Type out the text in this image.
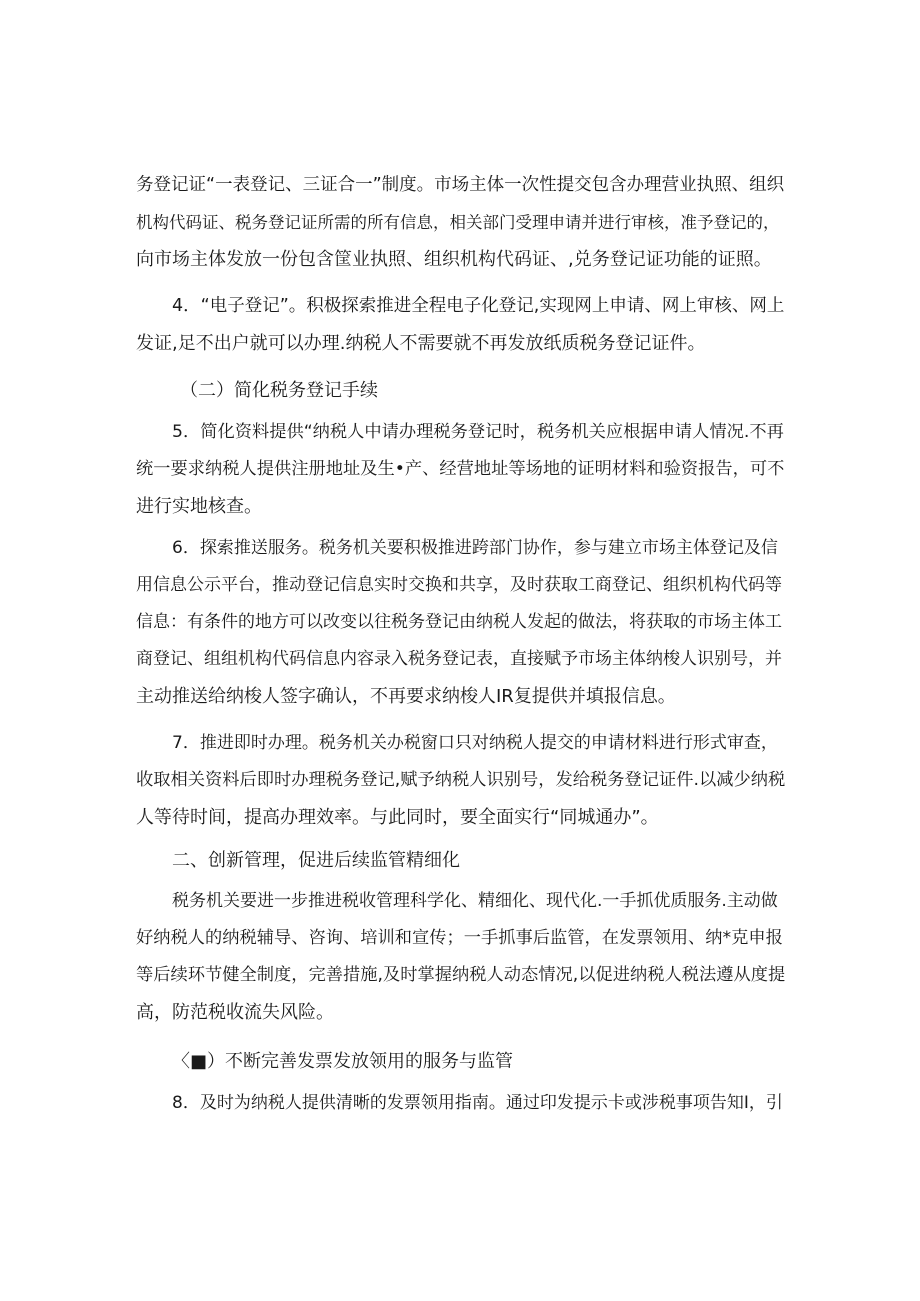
务登记证“一表登记、三证合一”制度。市场主体一次性提交包含办理营业执照、组织
机构代码证、税务登记证所需的所有信息，相关部门受理申请并进行审核，准予登记的，
向市场主体发放一份包含筐业执照、组织机构代码证、,兑务登记证功能的证照。

4．“电子登记”。积极探索推进全程电子化登记,实现网上申请、网上审核、网上
发证,足不出户就可以办理.纳税人不需要就不再发放纸质税务登记证件。

（二）简化税务登记手续

5．简化资料提供“纳税人中请办理税务登记时，税务机关应根据申请人情况.不再
统一要求纳税人提供注册地址及生•产、经营地址等场地的证明材料和验资报告，可不
进行实地核查。

6．探索推送服务。税务机关要积极推进跨部门协作，参与建立市场主体登记及信
用信息公示平台，推动登记信息实时交换和共享，及时获取工商登记、组织机构代码等
信息：有条件的地方可以改变以往税务登记由纳税人发起的做法，将获取的市场主体工
商登记、组组机构代码信息内容录入税务登记表，直接赋予市场主体纳梭人识别号，并
主动推送给纳梭人签字确认，不再要求纳梭人IR复提供并填报信息。

7．推进即时办理。税务机关办税窗口只对纳税人提交的申请材料进行形式审查，
收取相关资料后即时办理税务登记,赋予纳税人识别号，发给税务登记证件.以减少纳税
人等待时间，提高办理效率。与此同时，要全面实行“同城通办”。

二、创新管理，促进后续监管精细化

税务机关要进一步推进税收管理科学化、精细化、现代化.一手抓优质服务.主动做
好纳税人的纳税辅导、咨询、培训和宣传；一手抓事后监管，在发票领用、纳*克申报
等后续环节健全制度，完善措施,及时掌握纳税人动态情况,以促进纳税人税法遵从度提
高，防范税收流失风险。

〈■）不断完善发票发放领用的服务与监管

8．及时为纳税人提供清晰的发票领用指南。通过印发提示卡或涉税事项告知I，引
